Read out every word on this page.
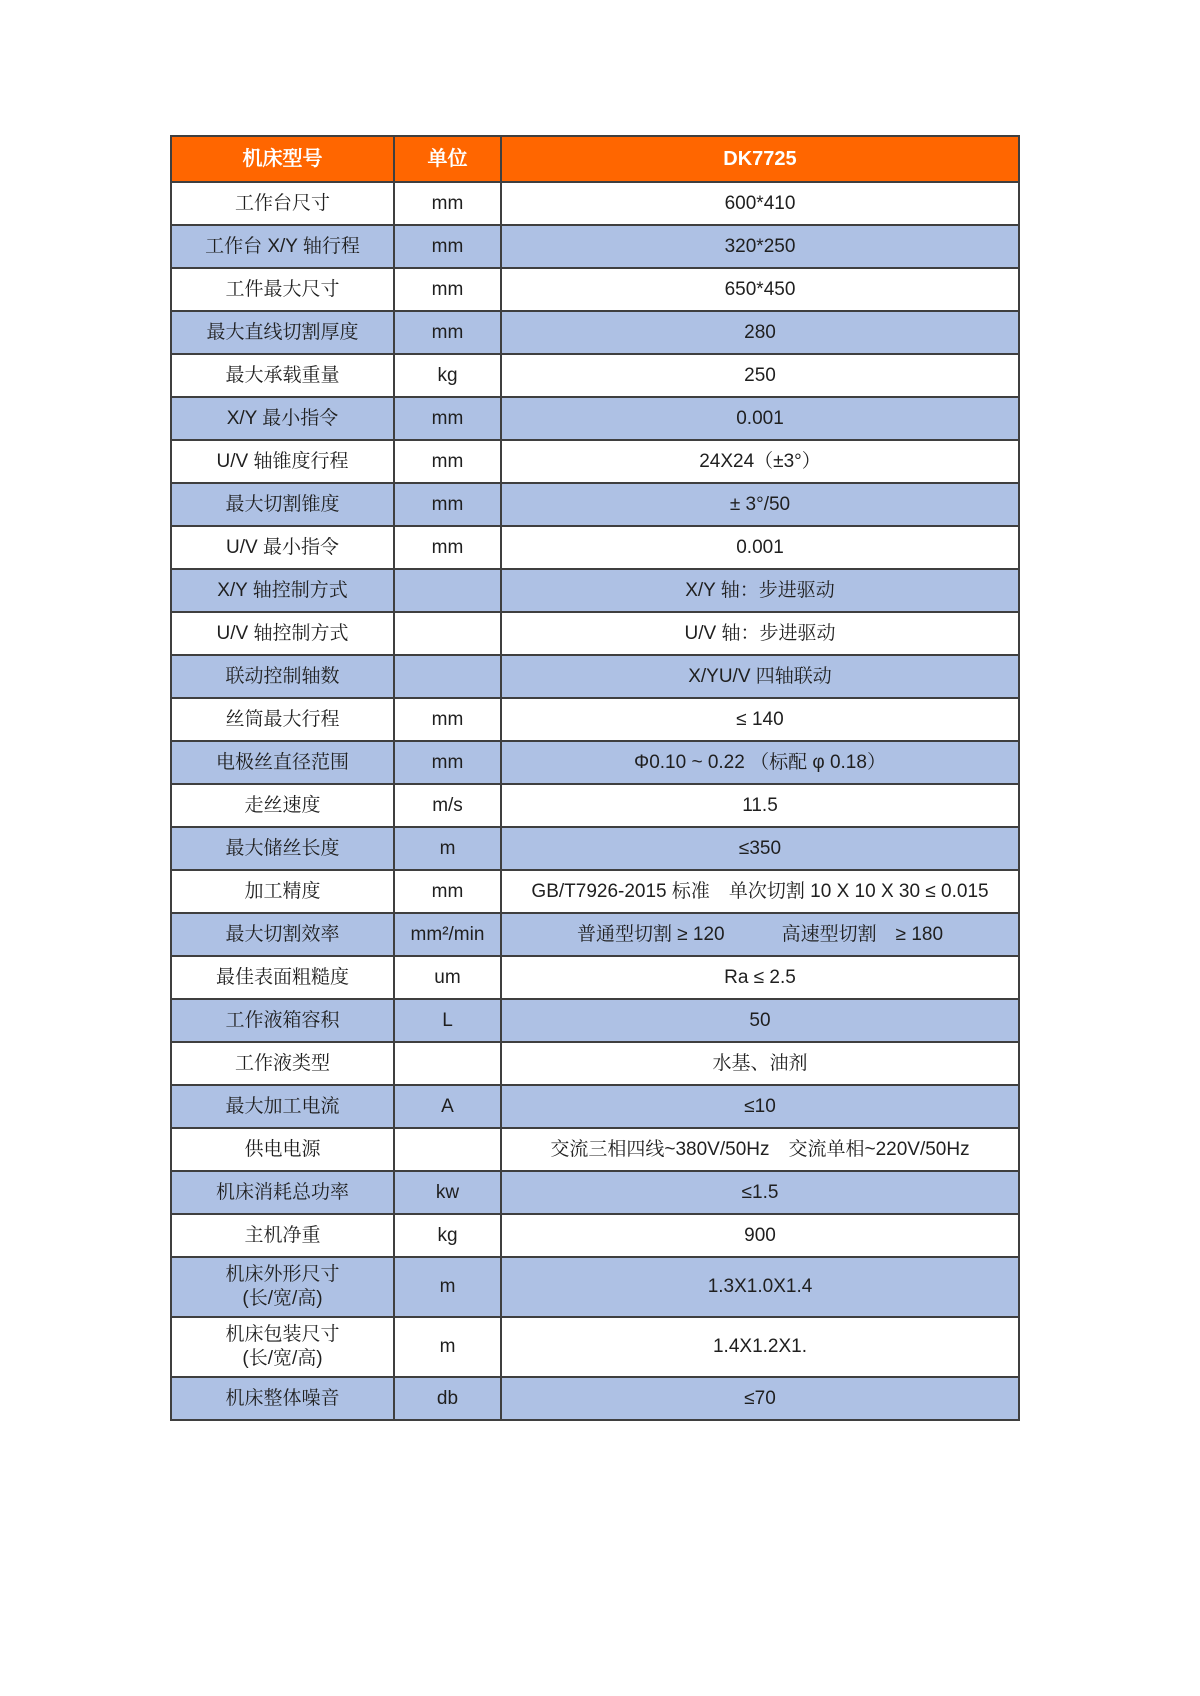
机床型号	单位	DK7725
工作台尺寸	mm	600*410
工作台 X/Y 轴行程	mm	320*250
工件最大尺寸	mm	650*450
最大直线切割厚度	mm	280
最大承载重量	kg	250
X/Y 最小指令	mm	0.001
U/V 轴锥度行程	mm	24X24（±3°）
最大切割锥度	mm	± 3°/50
U/V 最小指令	mm	0.001
X/Y 轴控制方式		X/Y 轴：步进驱动
U/V 轴控制方式		U/V 轴：步进驱动
联动控制轴数		X/YU/V 四轴联动
丝筒最大行程	mm	≤ 140
电极丝直径范围	mm	Φ0.10 ~ 0.22 （标配 φ 0.18）
走丝速度	m/s	11.5
最大储丝长度	m	≤350
加工精度	mm	GB/T7926-2015 标准　单次切割 10 X 10 X 30 ≤ 0.015
最大切割效率	mm²/min	普通型切割 ≥ 120　　　高速型切割　≥ 180
最佳表面粗糙度	um	Ra ≤ 2.5
工作液箱容积	L	50
工作液类型		水基、油剂
最大加工电流	A	≤10
供电电源		交流三相四线~380V/50Hz　交流单相~220V/50Hz
机床消耗总功率	kw	≤1.5
主机净重	kg	900
机床外形尺寸
(长/宽/高)	m	1.3X1.0X1.4
机床包装尺寸
(长/宽/高)	m	1.4X1.2X1.
机床整体噪音	db	≤70
